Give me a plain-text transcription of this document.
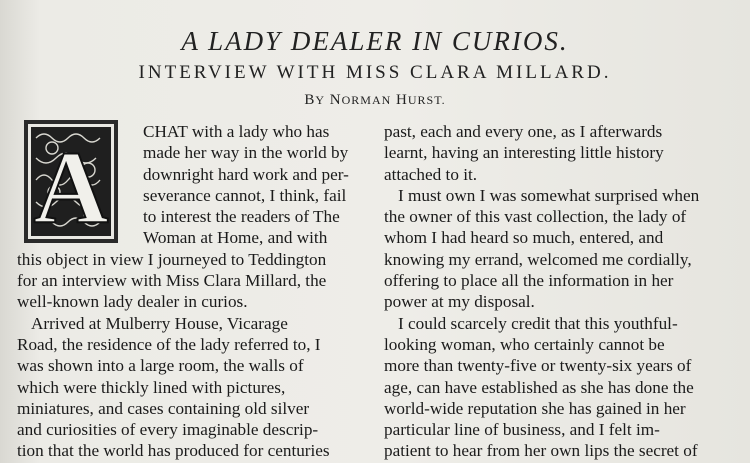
A LADY DEALER IN CURIOS.
INTERVIEW WITH MISS CLARA MILLARD.
BY NORMAN HURST.
A	CHAT with a lady who has
made her way in the world by
downright hard work and per-
severance cannot, I think, fail
to interest the readers of The
Woman at Home, and with
this object in view I journeyed to Teddington
for an interview with Miss Clara Millard, the
well-known lady dealer in curios.
Arrived at Mulberry House, Vicarage
Road, the residence of the lady referred to, I
was shown into a large room, the walls of
which were thickly lined with pictures,
miniatures, and cases containing old silver
and curiosities of every imaginable descrip-
tion that the world has produced for centuries
past, each and every one, as I afterwards
learnt, having an interesting little history
attached to it.
I must own I was somewhat surprised when
the owner of this vast collection, the lady of
whom I had heard so much, entered, and
knowing my errand, welcomed me cordially,
offering to place all the information in her
power at my disposal.
I could scarcely credit that this youthful-
looking woman, who certainly cannot be
more than twenty-five or twenty-six years of
age, can have established as she has done the
world-wide reputation she has gained in her
particular line of business, and I felt im-
patient to hear from her own lips the secret of
